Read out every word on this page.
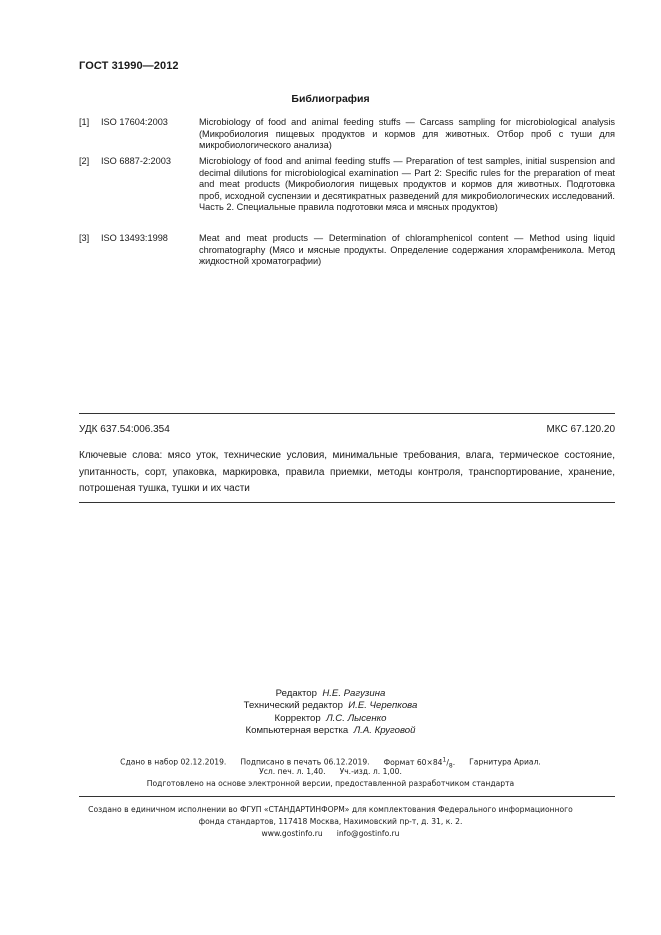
ГОСТ 31990—2012
Библиография
[1] ISO 17604:2003	Microbiology of food and animal feeding stuffs — Carcass sampling for microbiological analysis (Микробиология пищевых продуктов и кормов для животных. Отбор проб с туши для микробиологического анализа)
[2] ISO 6887-2:2003	Microbiology of food and animal feeding stuffs — Preparation of test samples, initial suspension and decimal dilutions for microbiological examination — Part 2: Specific rules for the preparation of meat and meat products (Микробиология пищевых продуктов и кормов для животных. Подготовка проб, исходной суспензии и десятикратных разведений для микробиологических исследований. Часть 2. Специальные правила подготовки мяса и мясных продуктов)
[3] ISO 13493:1998	Meat and meat products — Determination of chloramphenicol content — Method using liquid chromatography (Мясо и мясные продукты. Определение содержания хлорамфеникола. Метод жидкостной хроматографии)
УДК 637.54:006.354	МКС 67.120.20
Ключевые слова: мясо уток, технические условия, минимальные требования, влага, термическое состояние, упитанность, сорт, упаковка, маркировка, правила приемки, методы контроля, транспортирование, хранение, потрошеная тушка, тушки и их части
Редактор Н.Е. Рагузина
Технический редактор И.Е. Черепкова
Корректор Л.С. Лысенко
Компьютерная верстка Л.А. Круговой
Сдано в набор 02.12.2019. Подписано в печать 06.12.2019. Формат $60\times 84^1/_8$. Гарнитура Ариал.
Усл. печ. л. 1,40. Уч.-изд. л. 1,00.
Подготовлено на основе электронной версии, предоставленной разработчиком стандарта
Создано в единичном исполнении во ФГУП «СТАНДАРТИНФОРМ» для комплектования Федерального информационного
фонда стандартов, 117418 Москва, Нахимовский пр-т, д. 31, к. 2.
www.gostinfo.ru info@gostinfo.ru
